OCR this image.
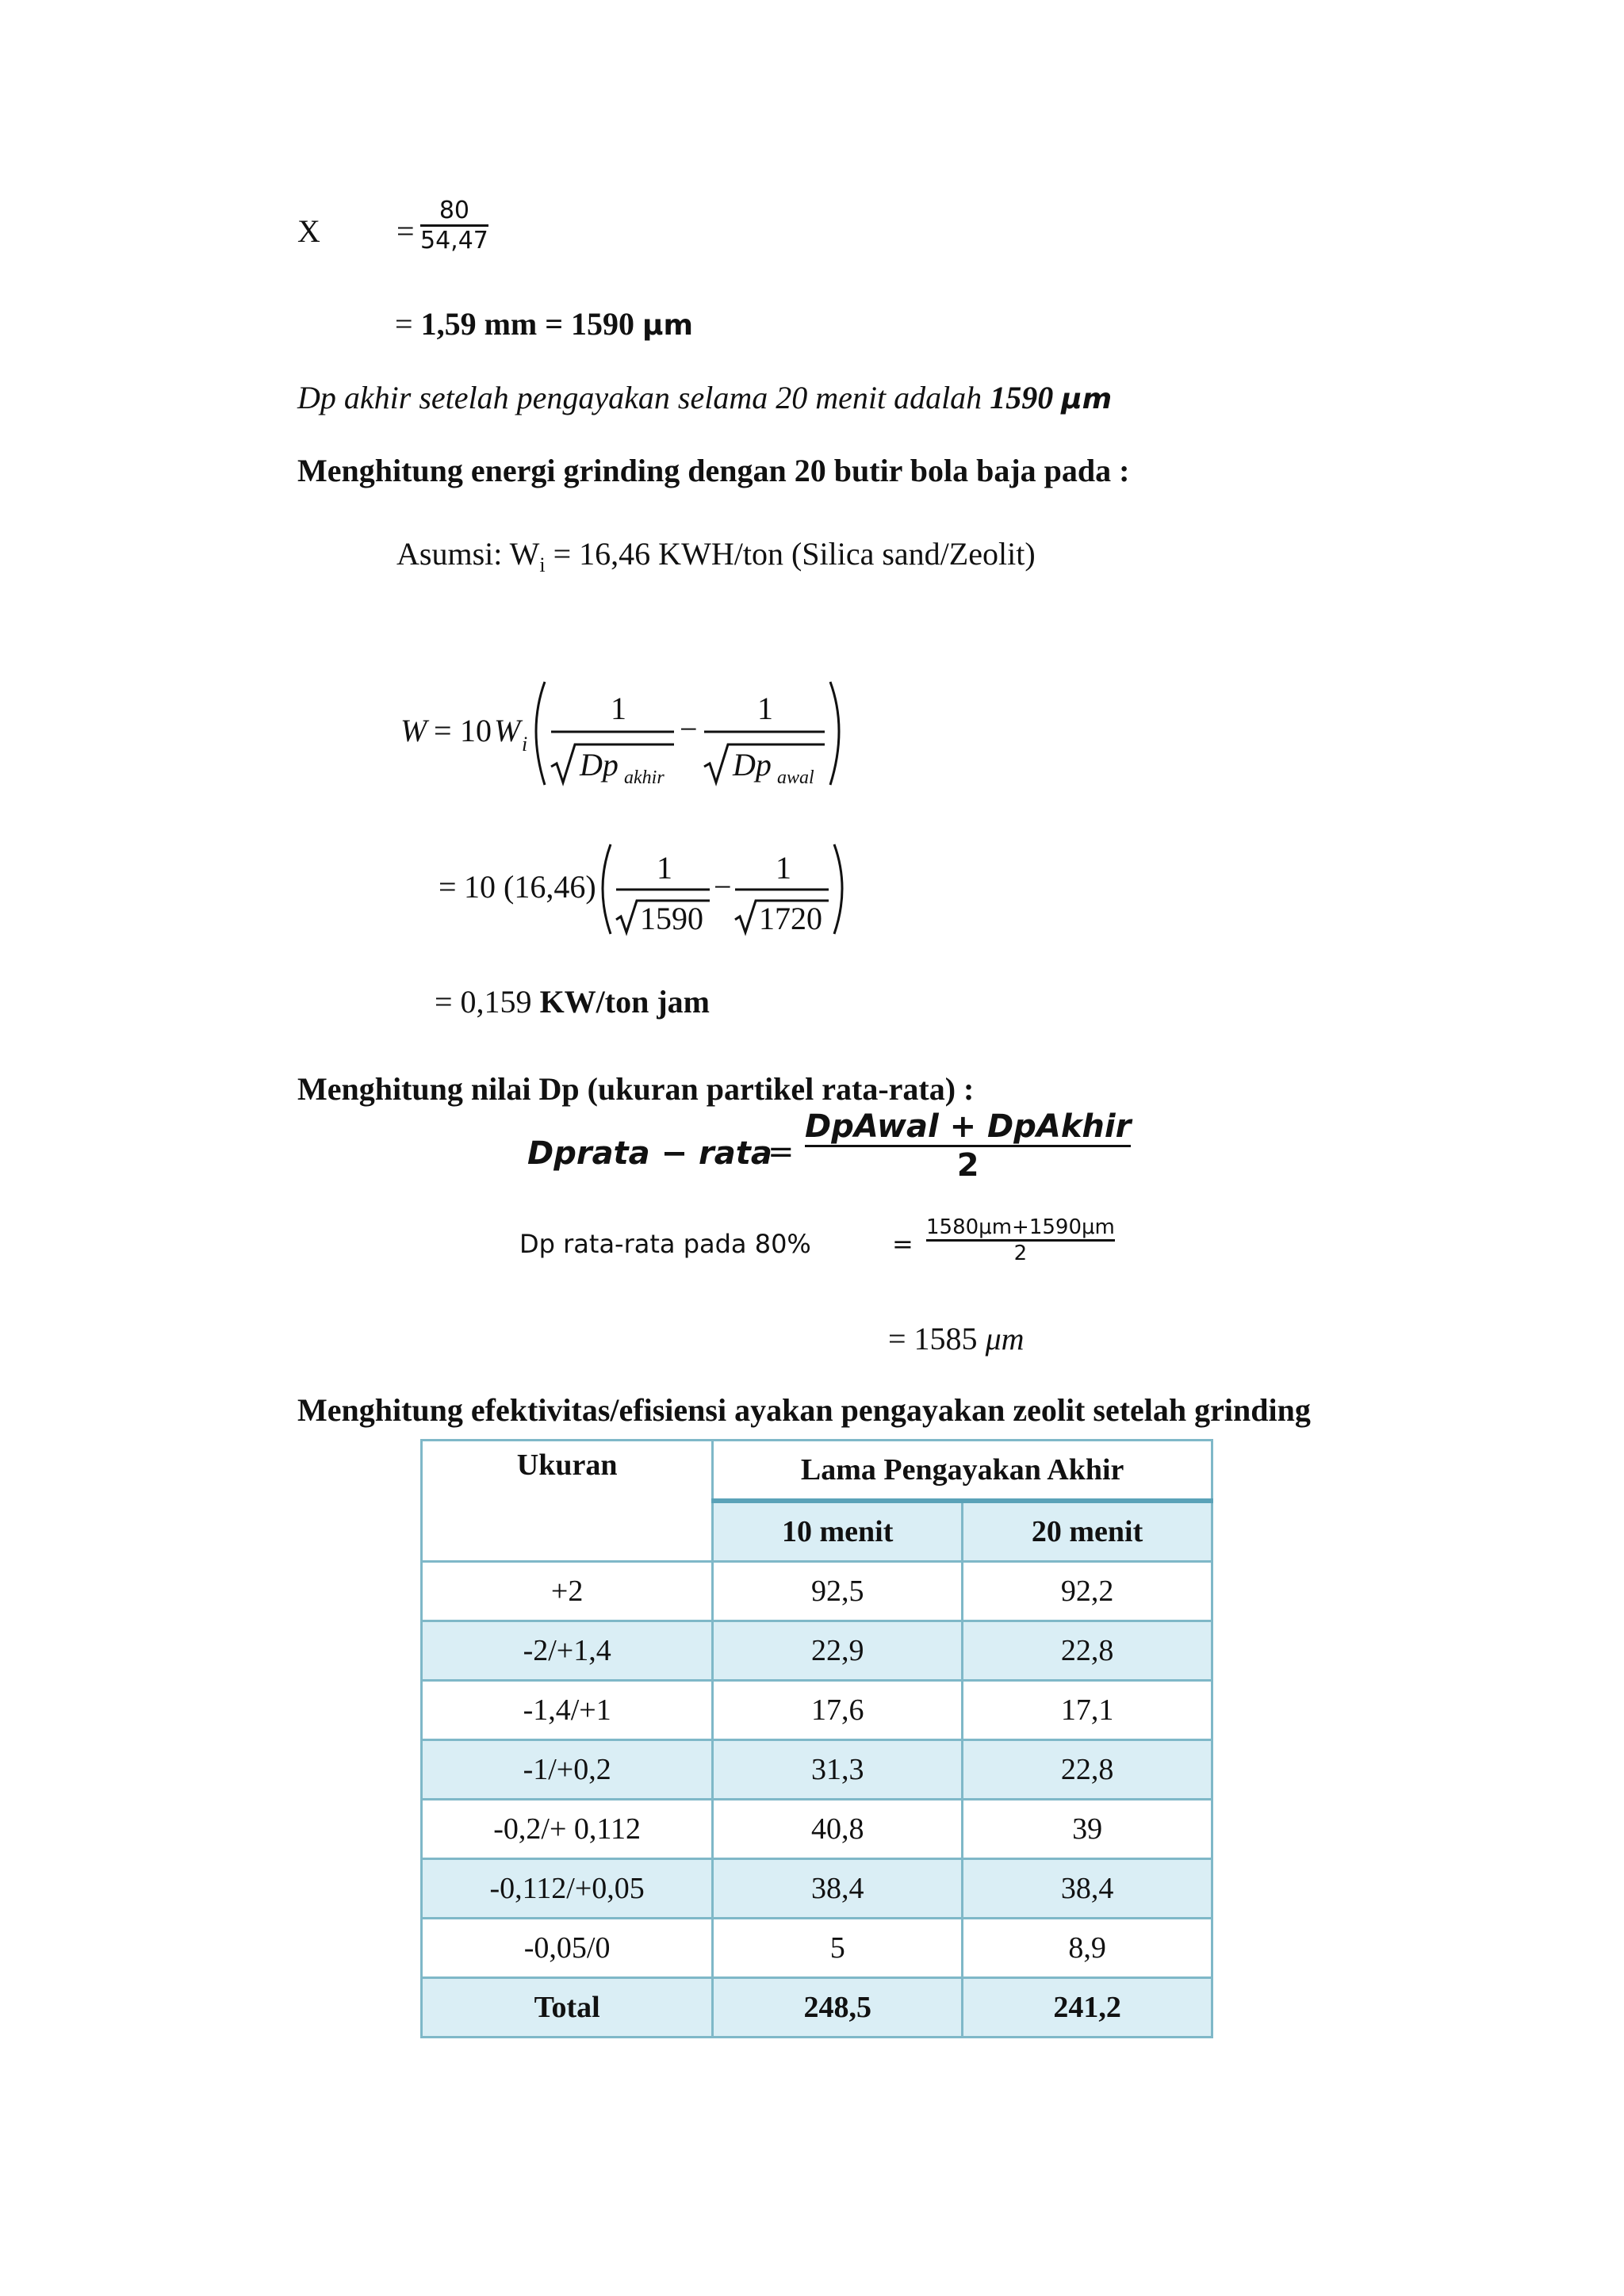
X =
80
54,47
= 1,59 mm = 1590 μm
Dp akhir setelah pengayakan selama 20 menit adalah 1590 μm
Menghitung energi grinding dengan 20 butir bola baja pada :
Asumsi: $W_i = 16,46$ KWH/ton (Silica sand/Zeolit)
W = 10 W i
1
Dp akhir
−
1
Dp awal
= 10 (16,46)
1
1590
−
1
1720
= 0,159 KW/ton jam
Menghitung nilai Dp (ukuran partikel rata-rata) :
Dprata − rata
=
DpAwal + DpAkhir
2
Dp rata-rata pada 80%	=
1580μm+1590μm
2
= 1585 μm
Menghitung efektivitas/efisiensi ayakan pengayakan zeolit setelah grinding
Ukuran	Lama Pengayakan Akhir	
	10 menit	20 menit
+2	92,5	92,2
-2/+1,4	22,9	22,8
-1,4/+1	17,6	17,1
-1/+0,2	31,3	22,8
-0,2/+ 0,112	40,8	39
-0,112/+0,05	38,4	38,4
-0,05/0	5	8,9
Total	248,5	241,2
